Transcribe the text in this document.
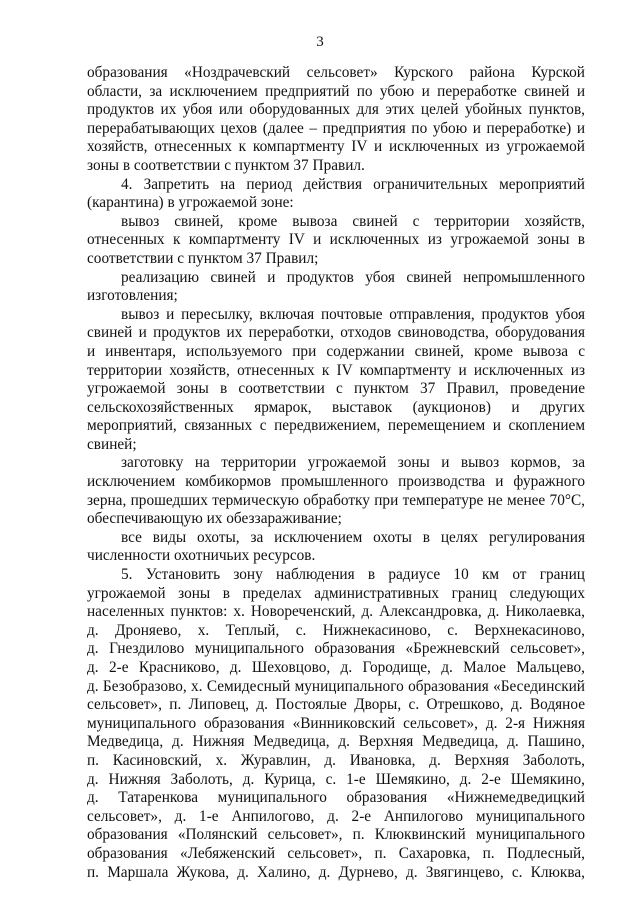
3
образования «Ноздрачевский сельсовет» Курского района Курской
области, за исключением предприятий по убою и переработке свиней и
продуктов их убоя или оборудованных для этих целей убойных пунктов,
перерабатывающих цехов (далее – предприятия по убою и переработке) и
хозяйств, отнесенных к компартменту IV и исключенных из угрожаемой
зоны в соответствии с пунктом 37 Правил.
4. Запретить на период действия ограничительных мероприятий
(карантина) в угрожаемой зоне:
вывоз свиней, кроме вывоза свиней с территории хозяйств,
отнесенных к компартменту IV и исключенных из угрожаемой зоны в
соответствии с пунктом 37 Правил;
реализацию свиней и продуктов убоя свиней непромышленного
изготовления;
вывоз и пересылку, включая почтовые отправления, продуктов убоя
свиней и продуктов их переработки, отходов свиноводства, оборудования
и инвентаря, используемого при содержании свиней, кроме вывоза с
территории хозяйств, отнесенных к IV компартменту и исключенных из
угрожаемой зоны в соответствии с пунктом 37 Правил, проведение
сельскохозяйственных ярмарок, выставок (аукционов) и других
мероприятий, связанных с передвижением, перемещением и скоплением
свиней;
заготовку на территории угрожаемой зоны и вывоз кормов, за
исключением комбикормов промышленного производства и фуражного
зерна, прошедших термическую обработку при температуре не менее 70°С,
обеспечивающую их обеззараживание;
все виды охоты, за исключением охоты в целях регулирования
численности охотничьих ресурсов.
5. Установить зону наблюдения в радиусе 10 км от границ
угрожаемой зоны в пределах административных границ следующих
населенных пунктов: х. Новореченский, д. Александровка, д. Николаевка,
д. Дроняево, х. Теплый, с. Нижнекасиново, с. Верхнекасиново,
д. Гнездилово муниципального образования «Брежневский сельсовет»,
д. 2-е Красниково, д. Шеховцово, д. Городище, д. Малое Мальцево,
д. Безобразово, х. Семидесный муниципального образования «Бесединский
сельсовет», п. Липовец, д. Постоялые Дворы, с. Отрешково, д. Водяное
муниципального образования «Винниковский сельсовет», д. 2-я Нижняя
Медведица, д. Нижняя Медведица, д. Верхняя Медведица, д. Пашино,
п. Касиновский, х. Журавлин, д. Ивановка, д. Верхняя Заболоть,
д. Нижняя Заболоть, д. Курица, с. 1-е Шемякино, д. 2-е Шемякино,
д. Татаренкова муниципального образования «Нижнемедведицкий
сельсовет», д. 1-е Анпилогово, д. 2-е Анпилогово муниципального
образования «Полянский сельсовет», п. Клюквинский муниципального
образования «Лебяженский сельсовет», п. Сахаровка, п. Подлесный,
п. Маршала Жукова, д. Халино, д. Дурнево, д. Звягинцево, с. Клюква,
